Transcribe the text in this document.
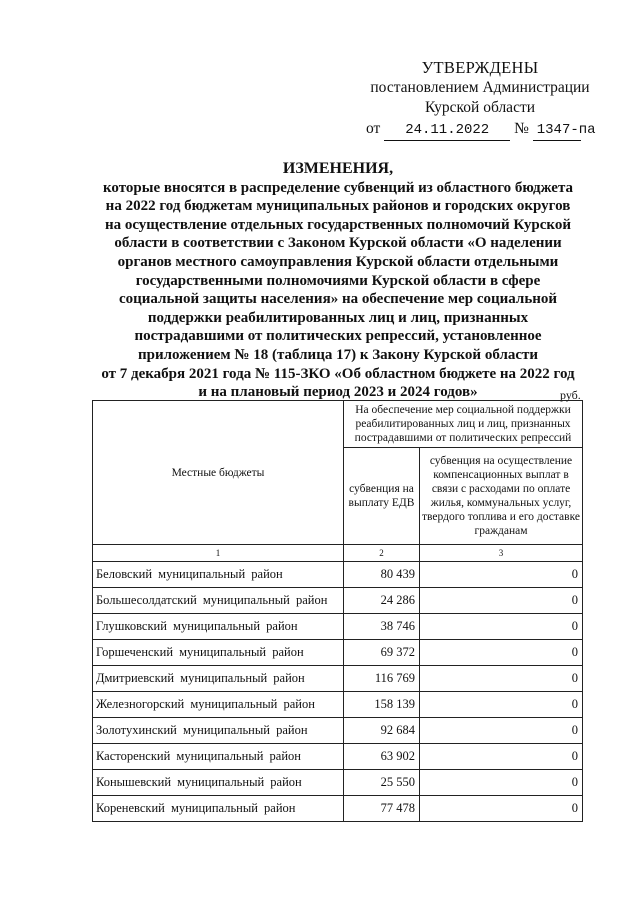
УТВЕРЖДЕНЫ
постановлением Администрации
Курской области
от 24.11.2022 № 1347-па
ИЗМЕНЕНИЯ,
которые вносятся в распределение субвенций из областного бюджета
на 2022 год бюджетам муниципальных районов и городских округов
на осуществление отдельных государственных полномочий Курской
области в соответствии с Законом Курской области «О наделении
органов местного самоуправления Курской области отдельными
государственными полномочиями Курской области в сфере
социальной защиты населения» на обеспечение мер социальной
поддержки реабилитированных лиц и лиц, признанных
пострадавшими от политических репрессий, установленное
приложением № 18 (таблица 17) к Закону Курской области
от 7 декабря 2021 года № 115-ЗКО «Об областном бюджете на 2022 год
и на плановый период 2023 и 2024 годов»	руб.
Местные бюджеты	На обеспечение мер социальной поддержки реабилитированных лиц и лиц, признанных пострадавшими от политических репрессий	
	субвенция на выплату ЕДВ	субвенция на осуществление компенсационных выплат в связи с расходами по оплате жилья, коммунальных услуг, твердого топлива и его доставке гражданам
1	2	3
Беловский муниципальный район	80 439	0
Большесолдатский муниципальный район	24 286	0
Глушковский муниципальный район	38 746	0
Горшеченский муниципальный район	69 372	0
Дмитриевский муниципальный район	116 769	0
Железногорский муниципальный район	158 139	0
Золотухинский муниципальный район	92 684	0
Касторенский муниципальный район	63 902	0
Конышевский муниципальный район	25 550	0
Кореневский муниципальный район	77 478	0
